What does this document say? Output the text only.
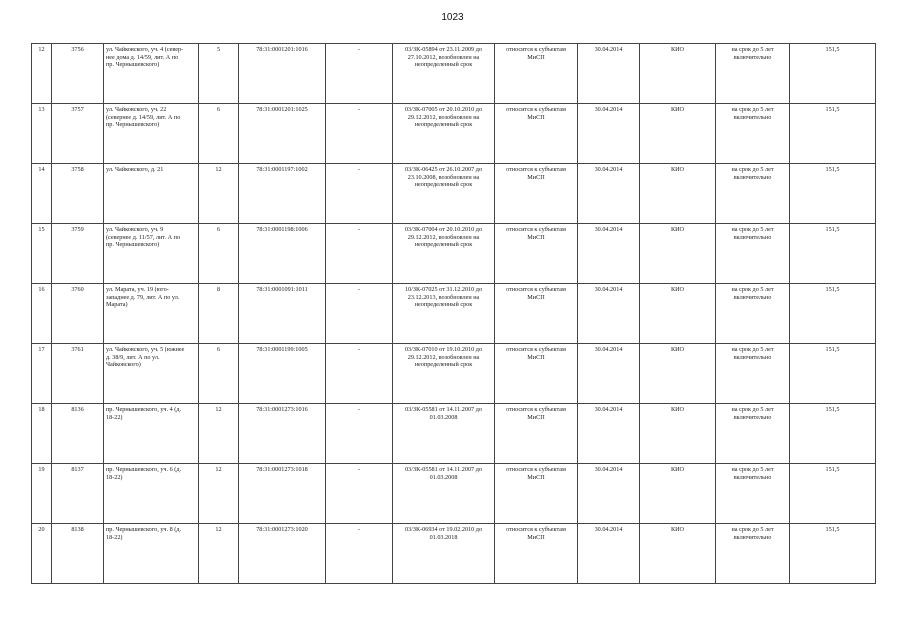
1023
12	3756	ул. Чайковского, уч. 4 (север-
нее дома д. 14/59, лит. А по
пр. Чернышевского)	5	78:31:0001201:1016	-	03/ЗК-05894 от 23.11.2009 до
27.10.2012, возобновлен на
неопределенный срок	относится к субъектам
МиСП	30.04.2014	КИО	на срок до 5 лет
включительно	151,5
13	3757	ул. Чайковского, уч. 22
(севернее д. 14/59, лит. А по
пр. Чернышевского)	6	78:31:0001201:1025	-	03/ЗК-07005 от 20.10.2010 до
29.12.2012, возобновлен на
неопределенный срок	относится к субъектам
МиСП	30.04.2014	КИО	на срок до 5 лет
включительно	151,5
14	3758	ул. Чайковского, д. 21	12	78:31:0001197:1002	-	03/ЗК-06425 от 26.10.2007 до
23.10.2008, возобновлен на
неопределенный срок	относится к субъектам
МиСП	30.04.2014	КИО	на срок до 5 лет
включительно	151,5
15	3759	ул. Чайковского, уч. 9
(севернее д. 11/57, лит. А по
пр. Чернышевского)	6	78:31:0001198:1006	-	03/ЗК-07004 от 20.10.2010 до
29.12.2012, возобновлен на
неопределенный срок	относится к субъектам
МиСП	30.04.2014	КИО	на срок до 5 лет
включительно	151,5
16	3760	ул. Марата, уч. 19 (юго-
западнее д. 79, лит. А по ул.
Марата)	8	78:31:0001091:1011	-	10/ЗК-07025 от 31.12.2010 до
23.12.2013, возобновлен на
неопределенный срок	относится к субъектам
МиСП	30.04.2014	КИО	на срок до 5 лет
включительно	151,5
17	3761	ул. Чайковского, уч. 5 (южнее
д. 38/9, лит. А по ул.
Чайковского)	6	78:31:0001199:1005	-	03/ЗК-07010 от 19.10.2010 до
29.12.2012, возобновлен на
неопределенный срок	относится к субъектам
МиСП	30.04.2014	КИО	на срок до 5 лет
включительно	151,5
18	8136	пр. Чернышевского, уч. 4 (д.
18-22)	12	78:31:0001273:1016	-	03/ЗК-05581 от 14.11.2007 до
01.03.2008	относится к субъектам
МиСП	30.04.2014	КИО	на срок до 5 лет
включительно	151,5
19	8137	пр. Чернышевского, уч. 6 (д.
18-22)	12	78:31:0001273:1018	-	03/ЗК-05581 от 14.11.2007 до
01.03.2008	относится к субъектам
МиСП	30.04.2014	КИО	на срок до 5 лет
включительно	151,5
20	8138	пр. Чернышевского, уч. 8 (д.
18-22)	12	78:31:0001273:1020	-	03/ЗК-06934 от 19.02.2010 до
01.03.2018	относится к субъектам
МиСП	30.04.2014	КИО	на срок до 5 лет
включительно	151,5
